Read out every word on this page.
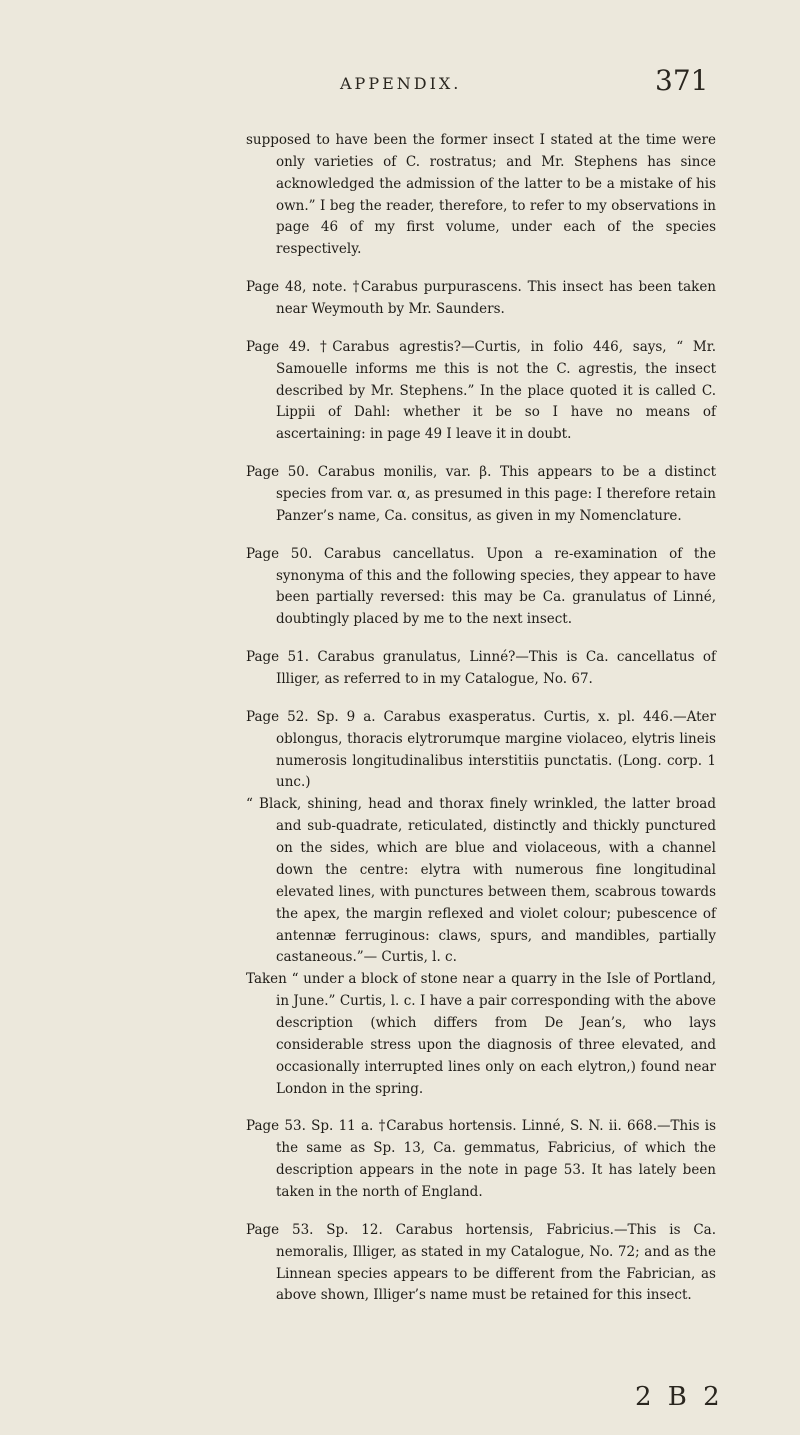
APPENDIX.	371

supposed to have been the former insect I stated at the time were only varieties of C. rostratus; and Mr. Stephens has since acknowledged the admission of the latter to be a mistake of his own.” I beg the reader, therefore, to refer to my observations in page 46 of my first volume, under each of the species respectively.

Page 48, note. †Carabus purpurascens. This insect has been taken near Weymouth by Mr. Saunders.

Page 49. †Carabus agrestis?—Curtis, in folio 446, says, “ Mr. Samouelle informs me this is not the C. agrestis, the insect described by Mr. Stephens.” In the place quoted it is called C. Lippii of Dahl: whether it be so I have no means of ascertaining: in page 49 I leave it in doubt.

Page 50. Carabus monilis, var. β. This appears to be a distinct species from var. α, as presumed in this page: I therefore retain Panzer’s name, Ca. consitus, as given in my Nomenclature.

Page 50. Carabus cancellatus. Upon a re-examination of the synonyma of this and the following species, they appear to have been partially reversed: this may be Ca. granulatus of Linné, doubtingly placed by me to the next insect.

Page 51. Carabus granulatus, Linné?—This is Ca. cancellatus of Illiger, as referred to in my Catalogue, No. 67.

Page 52. Sp. 9 a. Carabus exasperatus. Curtis, x. pl. 446.—Ater oblongus, thoracis elytrorumque margine violaceo, elytris lineis numerosis longitudinalibus interstitiis punctatis. (Long. corp. 1 unc.)

“ Black, shining, head and thorax finely wrinkled, the latter broad and sub-quadrate, reticulated, distinctly and thickly punctured on the sides, which are blue and violaceous, with a channel down the centre: elytra with numerous fine longitudinal elevated lines, with punctures between them, scabrous towards the apex, the margin reflexed and violet colour; pubescence of antennæ ferruginous: claws, spurs, and mandibles, partially castaneous.”— Curtis, l. c.

Taken “ under a block of stone near a quarry in the Isle of Portland, in June.” Curtis, l. c. I have a pair corresponding with the above description (which differs from De Jean’s, who lays considerable stress upon the diagnosis of three elevated, and occasionally interrupted lines only on each elytron,) found near London in the spring.

Page 53. Sp. 11 a. †Carabus hortensis. Linné, S. N. ii. 668.—This is the same as Sp. 13, Ca. gemmatus, Fabricius, of which the description appears in the note in page 53. It has lately been taken in the north of England.

Page 53. Sp. 12. Carabus hortensis, Fabricius.—This is Ca. nemoralis, Illiger, as stated in my Catalogue, No. 72; and as the Linnean species appears to be different from the Fabrician, as above shown, Illiger’s name must be retained for this insect.

2 B 2
